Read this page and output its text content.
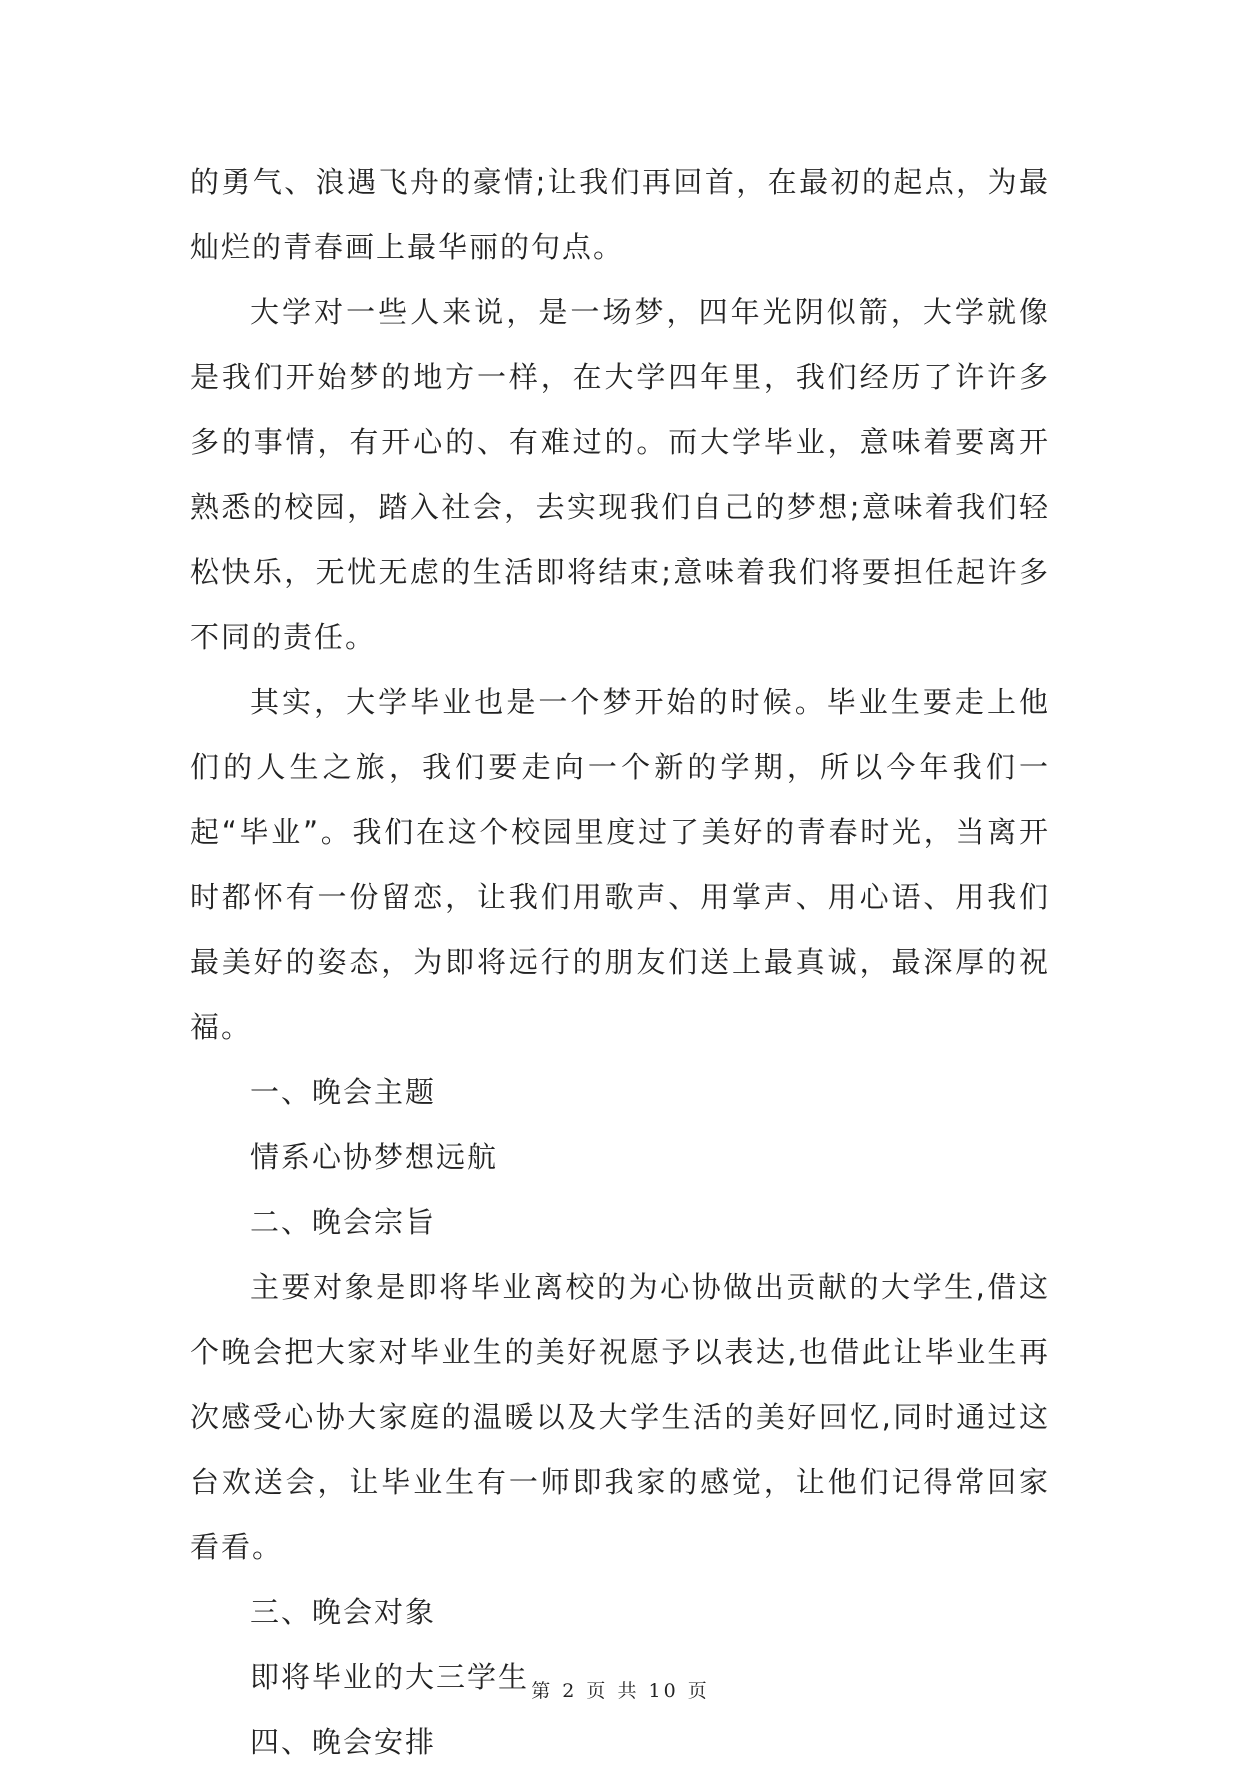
的勇气、浪遇飞舟的豪情;让我们再回首，在最初的起点，为最灿烂的青春画上最华丽的句点。

大学对一些人来说，是一场梦，四年光阴似箭，大学就像是我们开始梦的地方一样，在大学四年里，我们经历了许许多多的事情，有开心的、有难过的。而大学毕业，意味着要离开熟悉的校园，踏入社会，去实现我们自己的梦想;意味着我们轻松快乐，无忧无虑的生活即将结束;意味着我们将要担任起许多不同的责任。

其实，大学毕业也是一个梦开始的时候。毕业生要走上他们的人生之旅，我们要走向一个新的学期，所以今年我们一起“毕业”。我们在这个校园里度过了美好的青春时光，当离开时都怀有一份留恋，让我们用歌声、用掌声、用心语、用我们最美好的姿态，为即将远行的朋友们送上最真诚，最深厚的祝福。

一、晚会主题

情系心协梦想远航

二、晚会宗旨

主要对象是即将毕业离校的为心协做出贡献的大学生,借这个晚会把大家对毕业生的美好祝愿予以表达,也借此让毕业生再次感受心协大家庭的温暖以及大学生活的美好回忆,同时通过这台欢送会，让毕业生有一师即我家的感觉，让他们记得常回家看看。

三、晚会对象

即将毕业的大三学生

四、晚会安排

第 2 页 共 10 页
